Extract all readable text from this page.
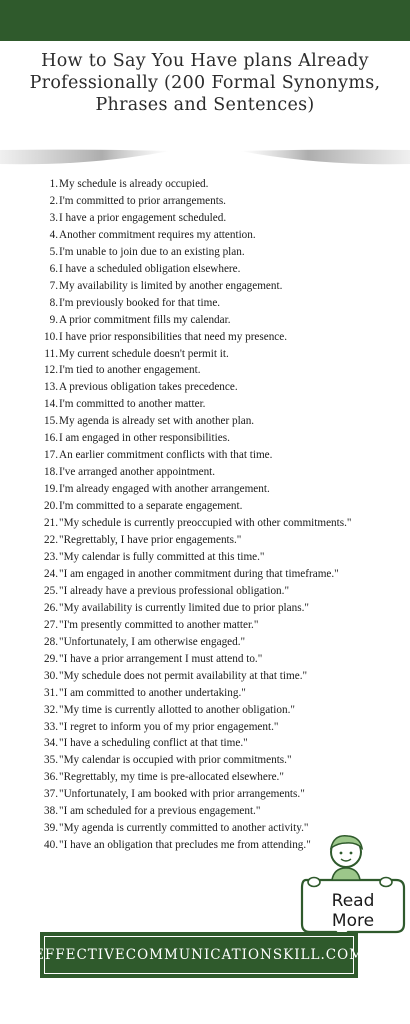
How to Say You Have plans Already Professionally (200 Formal Synonyms, Phrases and Sentences)
1. My schedule is already occupied.
2. I'm committed to prior arrangements.
3. I have a prior engagement scheduled.
4. Another commitment requires my attention.
5. I'm unable to join due to an existing plan.
6. I have a scheduled obligation elsewhere.
7. My availability is limited by another engagement.
8. I'm previously booked for that time.
9. A prior commitment fills my calendar.
10. I have prior responsibilities that need my presence.
11. My current schedule doesn't permit it.
12. I'm tied to another engagement.
13. A previous obligation takes precedence.
14. I'm committed to another matter.
15. My agenda is already set with another plan.
16. I am engaged in other responsibilities.
17. An earlier commitment conflicts with that time.
18. I've arranged another appointment.
19. I'm already engaged with another arrangement.
20. I'm committed to a separate engagement.
21. "My schedule is currently preoccupied with other commitments."
22. "Regrettably, I have prior engagements."
23. "My calendar is fully committed at this time."
24. "I am engaged in another commitment during that timeframe."
25. "I already have a previous professional obligation."
26. "My availability is currently limited due to prior plans."
27. "I'm presently committed to another matter."
28. "Unfortunately, I am otherwise engaged."
29. "I have a prior arrangement I must attend to."
30. "My schedule does not permit availability at that time."
31. "I am committed to another undertaking."
32. "My time is currently allotted to another obligation."
33. "I regret to inform you of my prior engagement."
34. "I have a scheduling conflict at that time."
35. "My calendar is occupied with prior commitments."
36. "Regrettably, my time is pre-allocated elsewhere."
37. "Unfortunately, I am booked with prior arrangements."
38. "I am scheduled for a previous engagement."
39. "My agenda is currently committed to another activity."
40. "I have an obligation that precludes me from attending."
Read
More
EFFECTIVECOMMUNICATIONSKILL.COM
